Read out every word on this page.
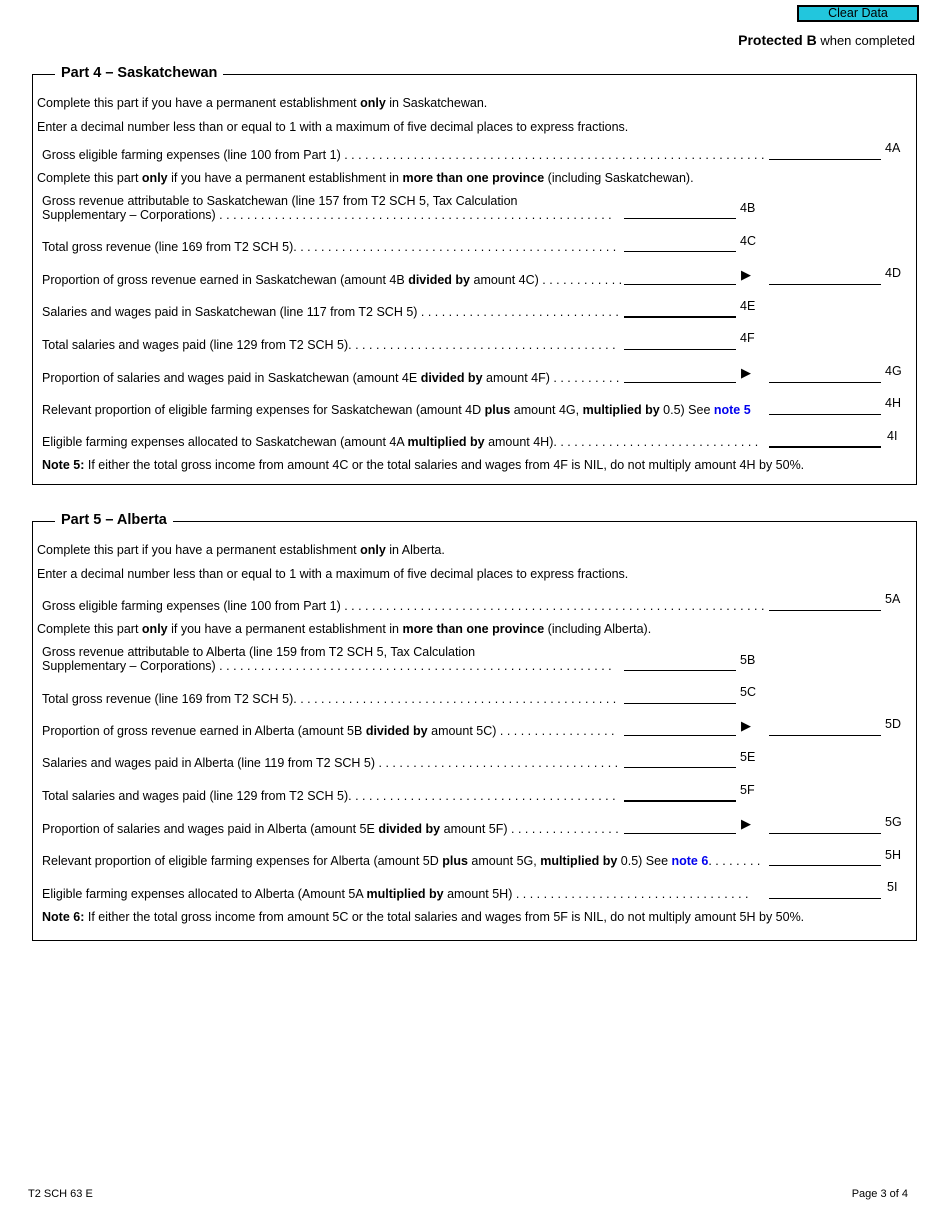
Clear Data
Protected B when completed
Part 4 – Saskatchewan
Complete this part if you have a permanent establishment only in Saskatchewan.
Enter a decimal number less than or equal to 1 with a maximum of five decimal places to express fractions.
Gross eligible farming expenses (line 100 from Part 1) . . . . . . . . . . . . . . . . . . . . . . . . . . . . . . . . . . . . . . . . . . . . . . . . . . . . . . . . . . . . .	4A
Complete this part only if you have a permanent establishment in more than one province (including Saskatchewan).
Gross revenue attributable to Saskatchewan (line 157 from T2 SCH 5, Tax Calculation
Supplementary – Corporations) . . . . . . . . . . . . . . . . . . . . . . . . . . . . . . . . . . . . . . . . . . . . . . . . . . . . . . . . .	4B
Total gross revenue (line 169 from T2 SCH 5). . . . . . . . . . . . . . . . . . . . . . . . . . . . . . . . . . . . . . . . . . . . . . .	4C
Proportion of gross revenue earned in Saskatchewan (amount 4B divided by amount 4C) . . . . . . . . . . . .	▶	4D
Salaries and wages paid in Saskatchewan (line 117 from T2 SCH 5) . . . . . . . . . . . . . . . . . . . . . . . . . . . . .	4E
Total salaries and wages paid (line 129 from T2 SCH 5). . . . . . . . . . . . . . . . . . . . . . . . . . . . . . . . . . . . . . .	4F
Proportion of salaries and wages paid in Saskatchewan (amount 4E divided by amount 4F) . . . . . . . . . .	▶	4G
Relevant proportion of eligible farming expenses for Saskatchewan (amount 4D plus amount 4G, multiplied by 0.5) See note 5	4H
Eligible farming expenses allocated to Saskatchewan (amount 4A multiplied by amount 4H). . . . . . . . . . . . . . . . . . . . . . . . . . . . . .	4I
Note 5: If either the total gross income from amount 4C or the total salaries and wages from 4F is NIL, do not multiply amount 4H by 50%.
Part 5 – Alberta
Complete this part if you have a permanent establishment only in Alberta.
Enter a decimal number less than or equal to 1 with a maximum of five decimal places to express fractions.
Gross eligible farming expenses (line 100 from Part 1) . . . . . . . . . . . . . . . . . . . . . . . . . . . . . . . . . . . . . . . . . . . . . . . . . . . . . . . . . . . . .	5A
Complete this part only if you have a permanent establishment in more than one province (including Alberta).
Gross revenue attributable to Alberta (line 159 from T2 SCH 5, Tax Calculation
Supplementary – Corporations) . . . . . . . . . . . . . . . . . . . . . . . . . . . . . . . . . . . . . . . . . . . . . . . . . . . . . . . . .	5B
Total gross revenue (line 169 from T2 SCH 5). . . . . . . . . . . . . . . . . . . . . . . . . . . . . . . . . . . . . . . . . . . . . . .	5C
Proportion of gross revenue earned in Alberta (amount 5B divided by amount 5C) . . . . . . . . . . . . . . . . .	▶	5D
Salaries and wages paid in Alberta (line 119 from T2 SCH 5) . . . . . . . . . . . . . . . . . . . . . . . . . . . . . . . . . . .	5E
Total salaries and wages paid (line 129 from T2 SCH 5). . . . . . . . . . . . . . . . . . . . . . . . . . . . . . . . . . . . . . .	5F
Proportion of salaries and wages paid in Alberta (amount 5E divided by amount 5F) . . . . . . . . . . . . . . . .	▶	5G
Relevant proportion of eligible farming expenses for Alberta (amount 5D plus amount 5G, multiplied by 0.5) See note 6. . . . . . . .	5H
Eligible farming expenses allocated to Alberta (Amount 5A multiplied by amount 5H) . . . . . . . . . . . . . . . . . . . . . . . . . . . . . . . . . .	5I
Note 6: If either the total gross income from amount 5C or the total salaries and wages from 5F is NIL, do not multiply amount 5H by 50%.
T2 SCH 63 E	Page 3 of 4
